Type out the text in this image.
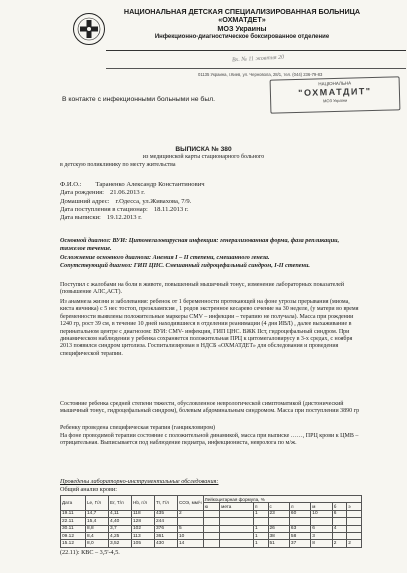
НАЦИОНАЛЬНАЯ ДЕТСКАЯ СПЕЦИАЛИЗИРОВАННАЯ БОЛЬНИЦА
«ОХМАТДЕТ»
МОЗ Украины
Инфекционно-диагностическое боксированное отделение
Вх. № 11 жовтня 20
01135 Украина, г.Киев, ул. Черновола, 28/1, тел. (044) 236-79-83
НАЦІОНАЛЬНА
"ОХМАТДИТ"
МОЗ України
В контакте с инфекционными больными не был.
ВЫПИСКА № 380
из медицинской карты стационарного больного
в детскую поликлинику по месту жительства
Ф.И.О.: Тараненко Александр Константинович
Дата рождения: 21.06.2013 г.
Домашний адрес: г.Одесса, ул.Живахова, 7/9.
Дата поступления в стационар: 18.11.2013 г.
Дата выписки: 19.12.2013 г.
Основной диагноз: ВУИ: Цитомегаловирусная инфекция: генерализованная форма, фаза репликации, тяжелое течение.
Осложнение основного диагноза: Анемия I – II степени, смешанного генеза.
Сопутствующий диагноз: ГИП ЦНС. Смешанный гидроцефальный синдром, I-II степени.
Поступил с жалобами на боли в животе, повышенный мышечный тонус, изменение лабораторных показателей (повышение АЛС,АСТ).
Из анамнеза жизни и заболевания: ребенок от 1 беременности протекающей на фоне угрозы прерывания (миома, киста яичника) с 5 нес тостоп, преэклампсия , 1 родов экстренное кесарево сечение на 30 неделе, (у матери во время беременности выявлены положительные маркеры CMV – инфекции – терапию не получала). Масса при рождении 1240 гр, рост 39 см, в течение 10 дней находившиеся в отделении реанимации (4 дня ИВЛ) , далее выхаживание в перинатальном центре с диагнозом: ВУИ: CMV- инфекция, ГИП ЦНС. ВЖК IIст, гидроцефальный синдром. При динамическом наблюдении у ребенка сохраняется положительная ПРЦ к цитомегаловирусу в 3-х средах, с ноября 2013 появился синдром цитолиза. Госпитализирован в НДСБ «ОХМАТДЕТ» для обследования и проведения специфической терапии.
Состояние ребенка средней степени тяжести, обусловленное неврологической симптоматикой (дистонический мышечный тонус, гидроцефальный синдром), болевым абдоминальным синдромом. Масса при поступлении 3890 гр
Ребенку проведена специфическая терапия (ганцикловиром)
На фоне проводимой терапии состояние с положительной динамикой, масса при выписке ……, ПРЦ крови к ЦМВ – отрицательная. Выписывается под наблюдение педиатра, инфекциониста, невролога по м/ж.
Проведены лабораторно-инструментальные обследования:
Общий анализ крови:
Дата	Le, Г/л	Er, Т/л	Hb, г/л	Tr, Г/л	СОЭ, мм/ч	Лейкоцитарная формула, %							
						ю	мета	п	с	л	м	б	э
19.11	14,7	4,11	118	435	2			1	23	60	10	6	
22.11	15,4	4,40	128	244									
30.11	8,8	3,7	102	376	5			1	26	63	6	4	
09.12	8,4	4,25	113	361	10			1	38	58	3		
15.12	8,0	3,52	105	430	14			1	51	37	8	2	2
(22.11): КВС – 3,5'-4,5.
